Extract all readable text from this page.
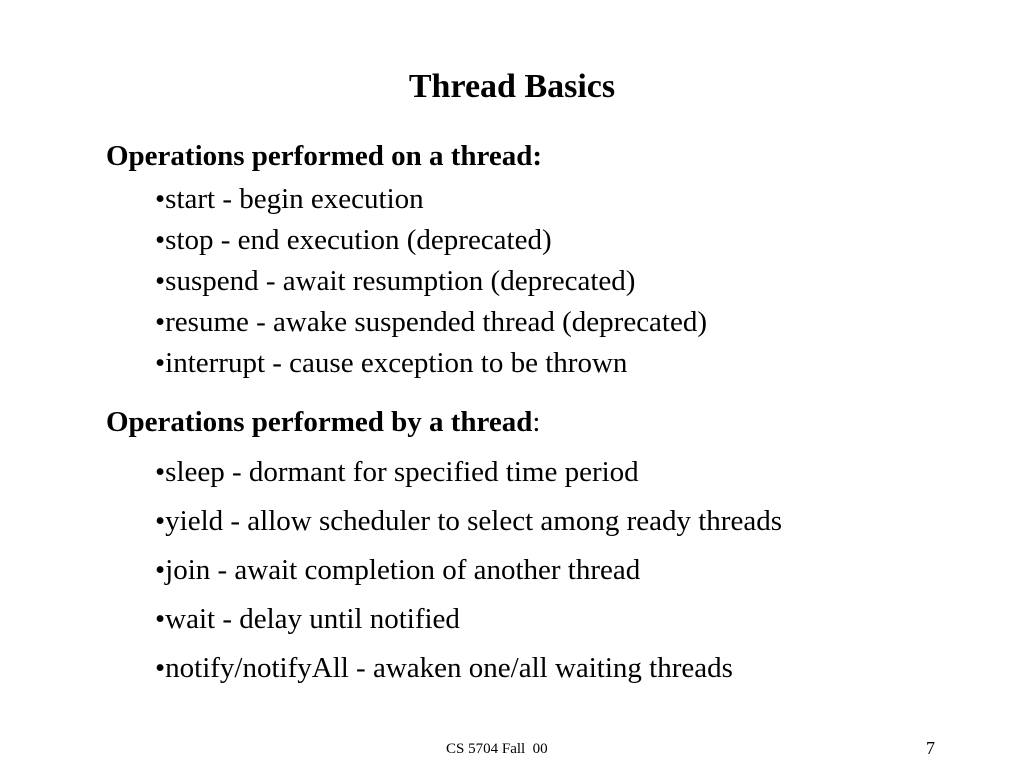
Thread Basics
Operations performed on a thread:
•start - begin execution
•stop - end execution (deprecated)
•suspend - await resumption (deprecated)
•resume - awake suspended thread (deprecated)
•interrupt - cause exception to be thrown
Operations performed by a thread:
•sleep - dormant for specified time period
•yield - allow scheduler to select among ready threads
•join - await completion of another thread
•wait - delay until notified
•notify/notifyAll - awaken one/all waiting threads
CS 5704 Fall  00	7
